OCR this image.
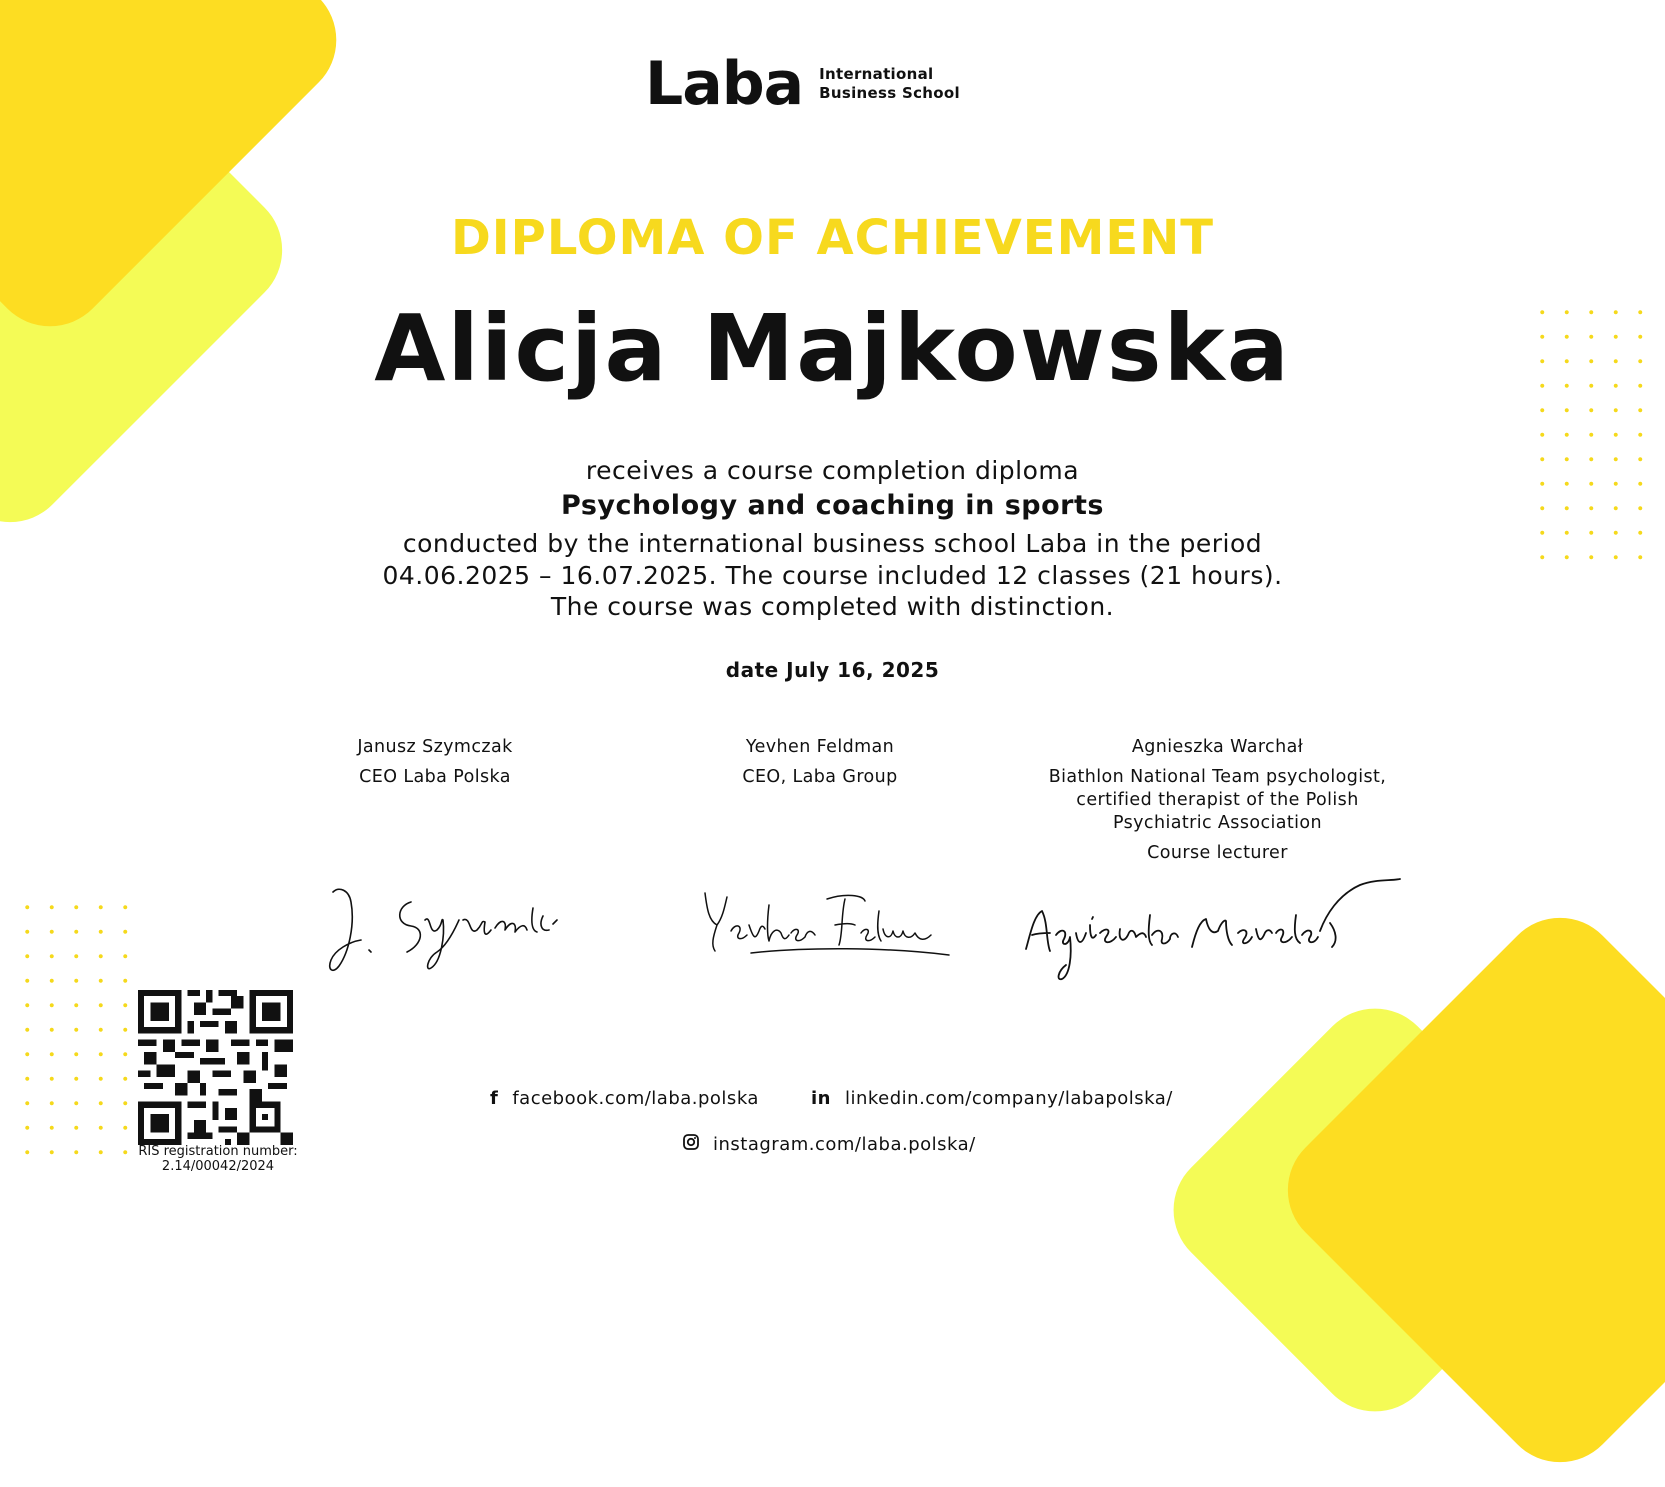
Laba International
Business School
DIPLOMA OF ACHIEVEMENT
Alicja Majkowska
receives a course completion diploma
Psychology and coaching in sports
conducted by the international business school Laba in the period
04.06.2025 – 16.07.2025. The course included 12 classes (21 hours).
The course was completed with distinction.
date July 16, 2025
Janusz Szymczak
CEO Laba Polska
Yevhen Feldman
CEO, Laba Group
Agnieszka Warchał
Biathlon National Team psychologist,
certified therapist of the Polish
Psychiatric Association
Course lecturer
RIS registration number:
2.14/00042/2024
f facebook.com/laba.polska	in linkedin.com/company/labapolska/
instagram.com/laba.polska/
